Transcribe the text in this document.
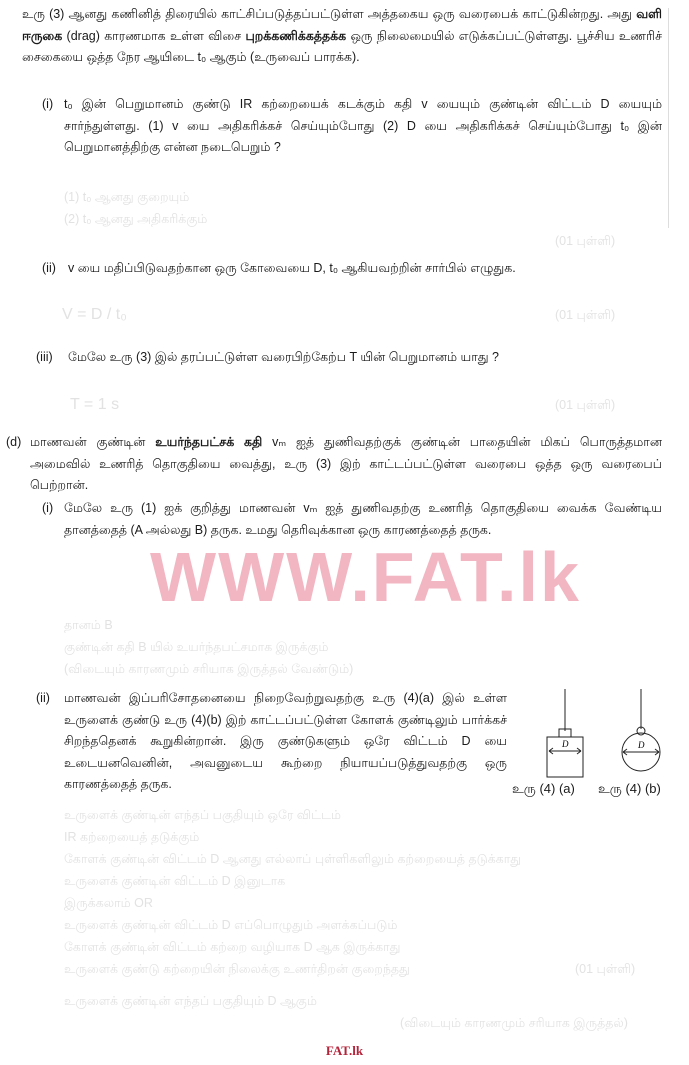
உரு (3) ஆனது கணினித் திரையில் காட்சிப்படுத்தப்பட்டுள்ள அத்தகைய ஒரு வரைபைக் காட்டுகின்றது. அது வளி ஈருகை (drag) காரணமாக உள்ள விசை புறக்கணிக்கத்தக்க ஒரு நிலைமையில் எடுக்கப்பட்டுள்ளது. பூச்சிய உணரிச் சைகையை ஒத்த நேர ஆயிடை t₀ ஆகும் (உருவைப் பாரக்க).
(i) t₀ இன் பெறுமானம் குண்டு IR கற்றையைக் கடக்கும் கதி v யையும் குண்டின் விட்டம் D யையும் சார்ந்துள்ளது. (1) v யை அதிகரிக்கச் செய்யும்போது (2) D யை அதிகரிக்கச் செய்யும்போது t₀ இன் பெறுமானத்திற்கு என்ன நடைபெறும் ?
(1) t₀ ஆனது குறையும்
(2) t₀ ஆனது அதிகரிக்கும்
(01 புள்ளி)
(ii) v யை மதிப்பிடுவதற்கான ஒரு கோவையை D, t₀ ஆகியவற்றின் சார்பில் எழுதுக.
V = D / t₀	(01 புள்ளி)
(iii) மேலே உரு (3) இல் தரப்பட்டுள்ள வரைபிற்கேற்ப T யின் பெறுமானம் யாது ?
T = 1 s	(01 புள்ளி)
(d) மாணவன் குண்டின் உயர்ந்தபட்சக் கதி vₘ ஐத் துணிவதற்குக் குண்டின் பாதையின் மிகப் பொருத்தமான அமைவில் உணரித் தொகுதியை வைத்து, உரு (3) இற் காட்டப்பட்டுள்ள வரைபை ஒத்த ஒரு வரைபைப் பெற்றான்.
(i) மேலே உரு (1) ஐக் குறித்து மாணவன் vₘ ஐத் துணிவதற்கு உணரித் தொகுதியை வைக்க வேண்டிய தானத்தைத் (A அல்லது B) தருக. உமது தெரிவுக்கான ஒரு காரணத்தைத் தருக.
WWW.FAT.lk
தானம் B
குண்டின் கதி B யில் உயர்ந்தபட்சமாக இருக்கும்
(விடையும் காரணமும் சரியாக இருத்தல் வேண்டும்)
(ii) மாணவன் இப்பரிசோதனையை நிறைவேற்றுவதற்கு உரு (4)(a) இல் உள்ள உருளைக் குண்டு உரு (4)(b) இற் காட்டப்பட்டுள்ள கோளக் குண்டிலும் பார்க்கச் சிறந்ததெனக் கூறுகின்றான். இரு குண்டுகளும் ஒரே விட்டம் D யை உடையனவெனின், அவனுடைய கூற்றை நியாயப்படுத்துவதற்கு ஒரு காரணத்தைத் தருக.
D	D
உரு (4) (a) உரு (4) (b)
உருளைக் குண்டின் எந்தப் பகுதியும் ஒரே விட்டம்
IR கற்றையைத் தடுக்கும்
கோளக் குண்டின் விட்டம் D ஆனது எல்லாப் புள்ளிகளிலும் கற்றையைத் தடுக்காது
உருளைக் குண்டின் விட்டம் D இனுடாக
இருக்கலாம் OR
உருளைக் குண்டின் விட்டம் D எப்பொழுதும் அளக்கப்படும்
கோளக் குண்டின் விட்டம் கற்றை வழியாக D ஆக இருக்காது
உருளைக் குண்டு கற்றையின் நிலைக்கு உணர்திறன் குறைந்தது	(01 புள்ளி)
உருளைக் குண்டின் எந்தப் பகுதியும் D ஆகும்
(விடையும் காரணமும் சரியாக இருத்தல்)
FAT.lk
